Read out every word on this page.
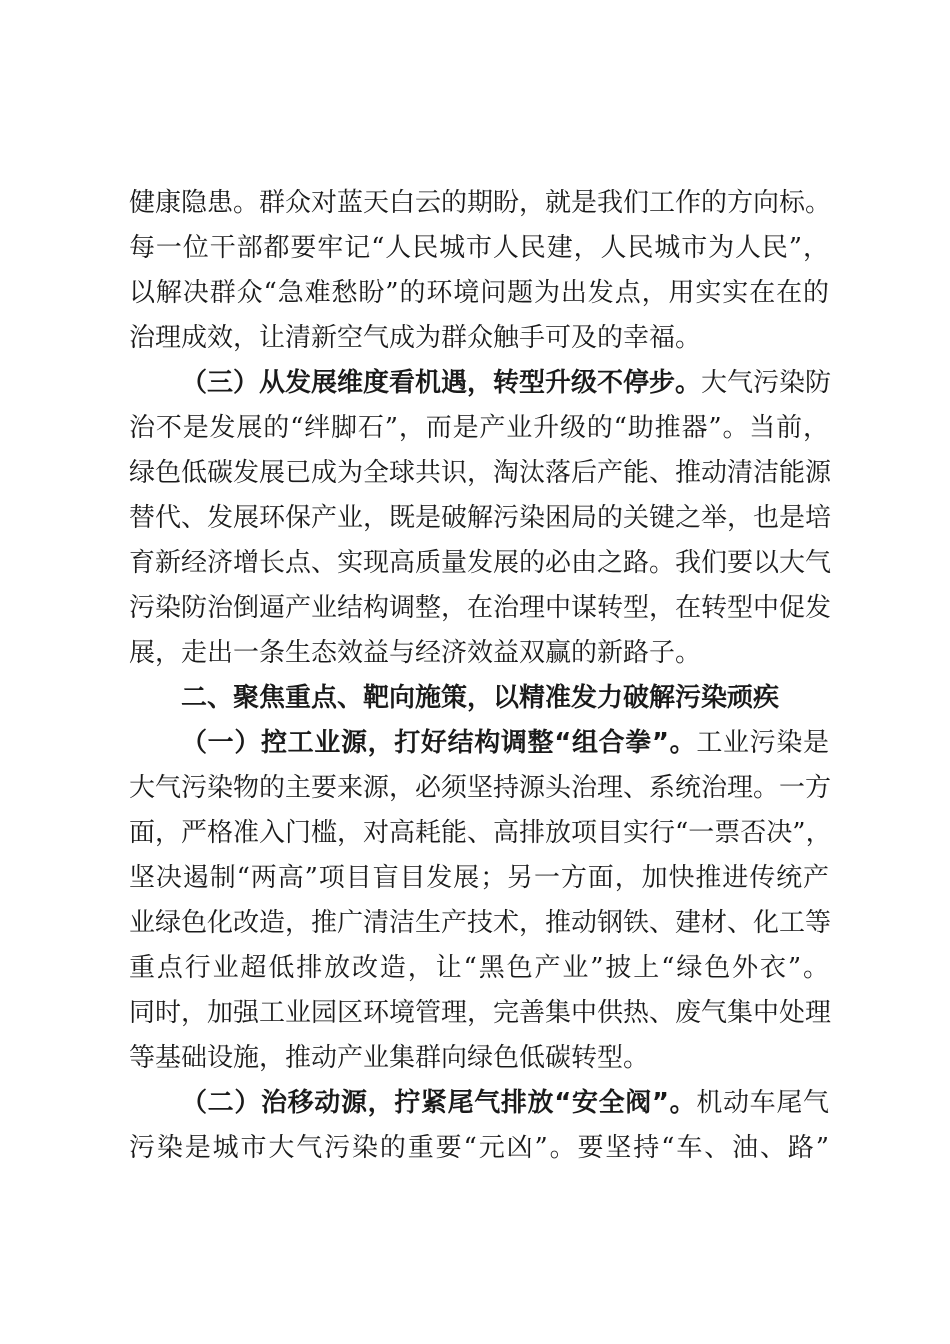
健康隐患。群众对蓝天白云的期盼，就是我们工作的方向标。
每一位干部都要牢记“人民城市人民建，人民城市为人民”，
以解决群众“急难愁盼”的环境问题为出发点，用实实在在的
治理成效，让清新空气成为群众触手可及的幸福。
（三）从发展维度看机遇，转型升级不停步。大气污染防
治不是发展的“绊脚石”，而是产业升级的“助推器”。当前，
绿色低碳发展已成为全球共识，淘汰落后产能、推动清洁能源
替代、发展环保产业，既是破解污染困局的关键之举，也是培
育新经济增长点、实现高质量发展的必由之路。我们要以大气
污染防治倒逼产业结构调整，在治理中谋转型，在转型中促发
展，走出一条生态效益与经济效益双赢的新路子。
二、聚焦重点、靶向施策，以精准发力破解污染顽疾
（一）控工业源，打好结构调整“组合拳”。工业污染是
大气污染物的主要来源，必须坚持源头治理、系统治理。一方
面，严格准入门槛，对高耗能、高排放项目实行“一票否决”，
坚决遏制“两高”项目盲目发展；另一方面，加快推进传统产
业绿色化改造，推广清洁生产技术，推动钢铁、建材、化工等
重点行业超低排放改造，让“黑色产业”披上“绿色外衣”。
同时，加强工业园区环境管理，完善集中供热、废气集中处理
等基础设施，推动产业集群向绿色低碳转型。
（二）治移动源，拧紧尾气排放“安全阀”。机动车尾气
污染是城市大气污染的重要“元凶”。要坚持“车、油、路”
